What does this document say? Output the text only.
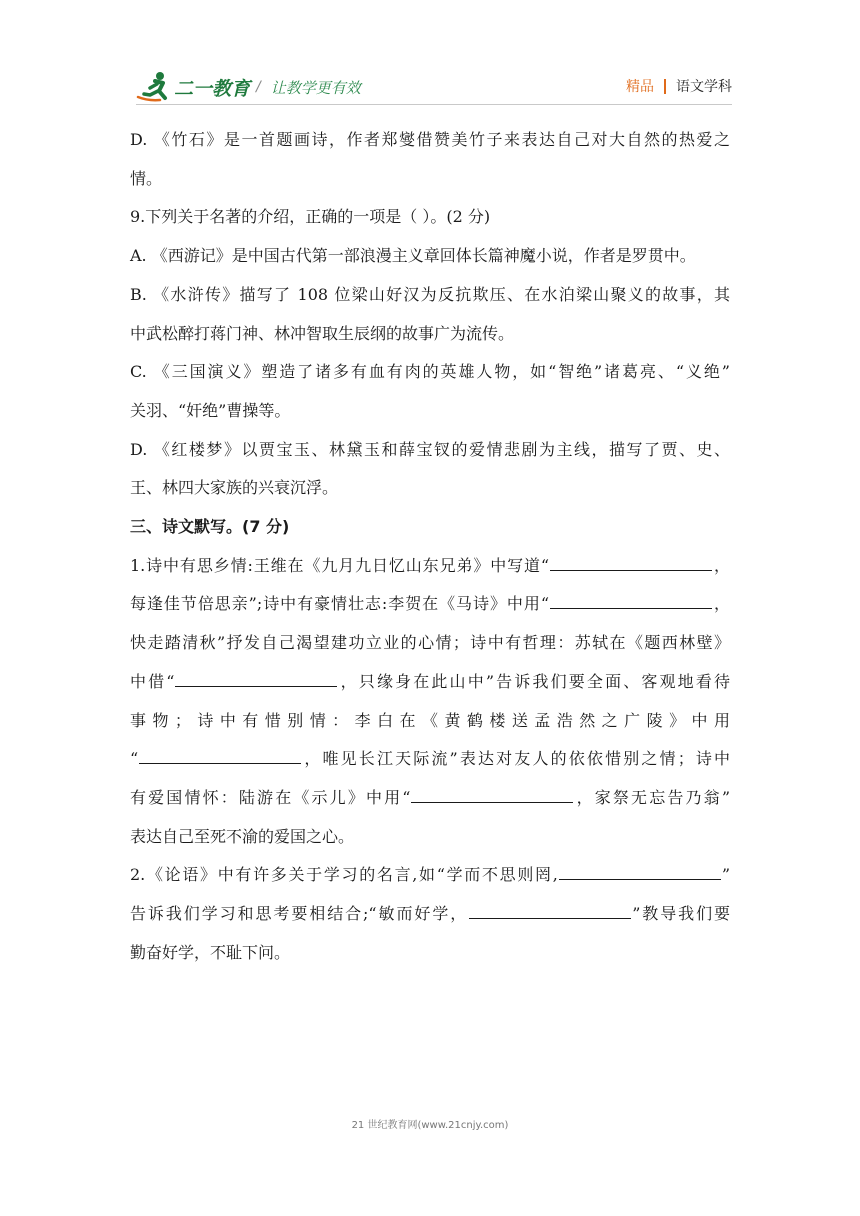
二一教育 / 让教学更有效	精品 语文学科

D. 《竹石》是一首题画诗，作者郑燮借赞美竹子来表达自己对大自然的热爱之

情。

9.下列关于名著的介绍，正确的一项是（ ）。(2 分)

A. 《西游记》是中国古代第一部浪漫主义章回体长篇神魔小说，作者是罗贯中。

B. 《水浒传》描写了 108 位梁山好汉为反抗欺压、在水泊梁山聚义的故事，其

中武松醉打蒋门神、林冲智取生辰纲的故事广为流传。

C. 《三国演义》塑造了诸多有血有肉的英雄人物，如“智绝”诸葛亮、“义绝”

关羽、“奸绝”曹操等。

D. 《红楼梦》以贾宝玉、林黛玉和薛宝钗的爱情悲剧为主线，描写了贾、史、

王、林四大家族的兴衰沉浮。

三、诗文默写。(7 分)

1.诗中有思乡情:王维在《九月九日忆山东兄弟》中写道“	，

每逢佳节倍思亲”;诗中有豪情壮志:李贺在《马诗》中用“	，

快走踏清秋”抒发自己渴望建功立业的心情；诗中有哲理：苏轼在《题西林壁》

中借“	，只缘身在此山中”告诉我们要全面、客观地看待

事物；诗中有惜别情：李白在《黄鹤楼送孟浩然之广陵》中用

“	，唯见长江天际流”表达对友人的依依惜别之情；诗中

有爱国情怀：陆游在《示儿》中用“	，家祭无忘告乃翁”

表达自己至死不渝的爱国之心。

2.《论语》中有许多关于学习的名言,如“学而不思则罔,	”

告诉我们学习和思考要相结合;“敏而好学，	”教导我们要

勤奋好学，不耻下问。

21 世纪教育网(www.21cnjy.com)
